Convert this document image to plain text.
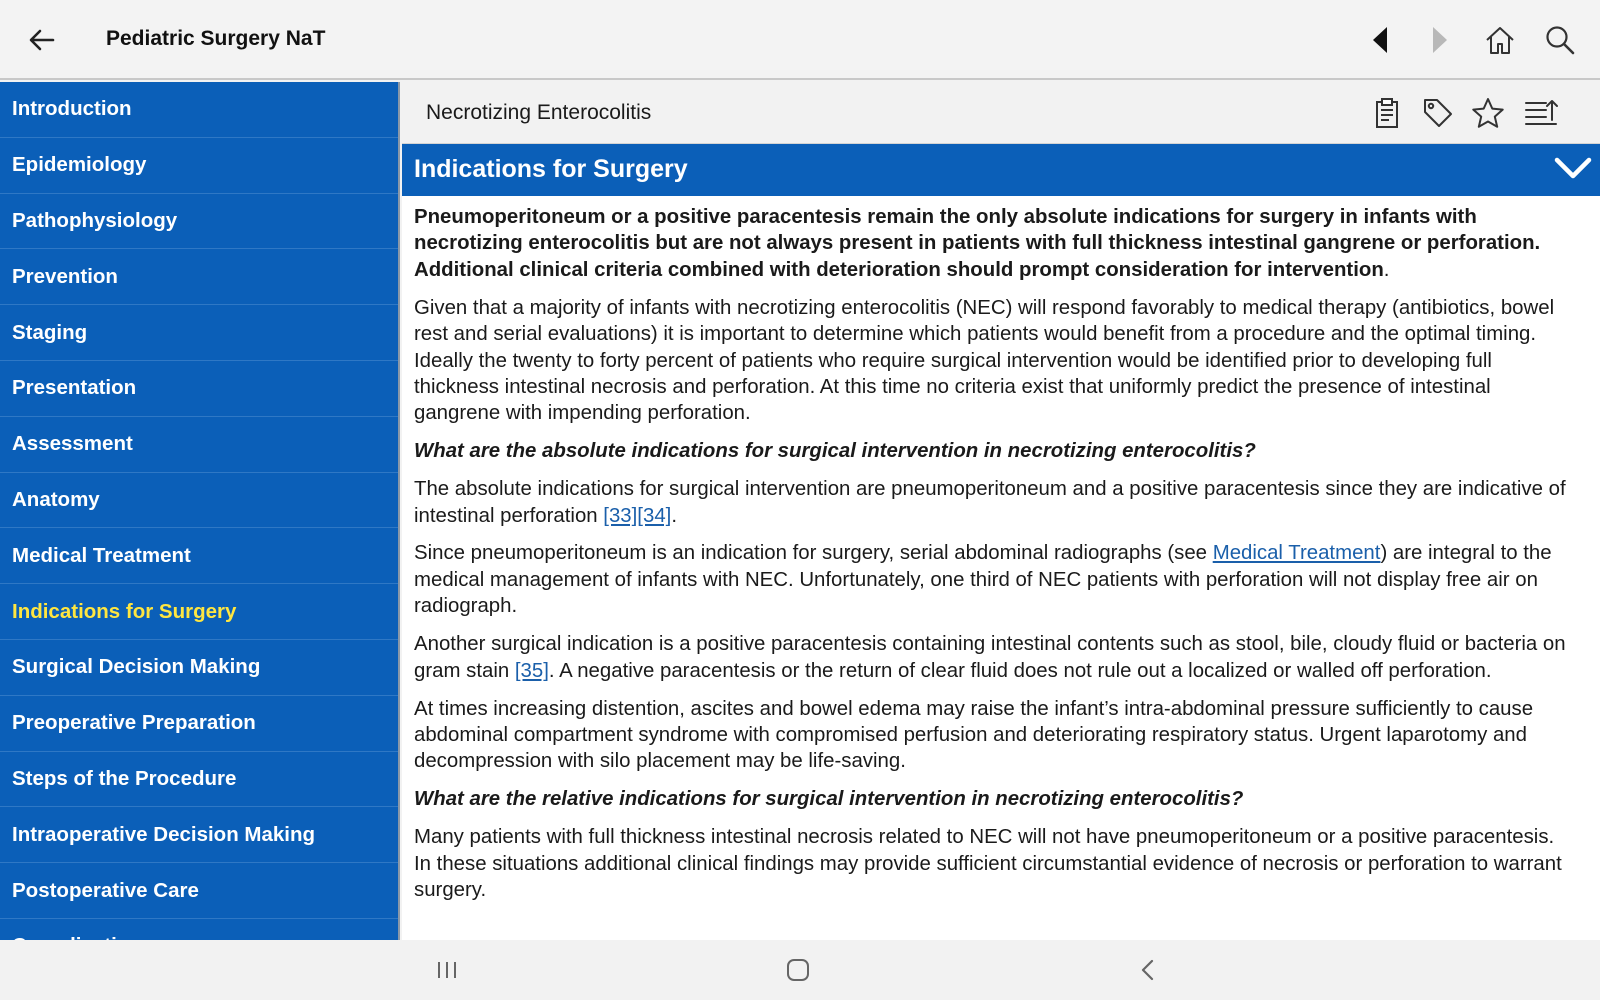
Pediatric Surgery NaT
Introduction
Epidemiology
Pathophysiology
Prevention
Staging
Presentation
Assessment
Anatomy
Medical Treatment
Indications for Surgery
Surgical Decision Making
Preoperative Preparation
Steps of the Procedure
Intraoperative Decision Making
Postoperative Care
Necrotizing Enterocolitis
Indications for Surgery

Pneumoperitoneum or a positive paracentesis remain the only absolute indications for surgery in infants with necrotizing enterocolitis but are not always present in patients with full thickness intestinal gangrene or perforation. Additional clinical criteria combined with deterioration should prompt consideration for intervention.

Given that a majority of infants with necrotizing enterocolitis (NEC) will respond favorably to medical therapy (antibiotics, bowel rest and serial evaluations) it is important to determine which patients would benefit from a procedure and the optimal timing. Ideally the twenty to forty percent of patients who require surgical intervention would be identified prior to developing full thickness intestinal necrosis and perforation. At this time no criteria exist that uniformly predict the presence of intestinal gangrene with impending perforation.

What are the absolute indications for surgical intervention in necrotizing enterocolitis?

The absolute indications for surgical intervention are pneumoperitoneum and a positive paracentesis since they are indicative of intestinal perforation [33][34].

Since pneumoperitoneum is an indication for surgery, serial abdominal radiographs (see Medical Treatment) are integral to the medical management of infants with NEC. Unfortunately, one third of NEC patients with perforation will not display free air on radiograph.

Another surgical indication is a positive paracentesis containing intestinal contents such as stool, bile, cloudy fluid or bacteria on gram stain [35]. A negative paracentesis or the return of clear fluid does not rule out a localized or walled off perforation.

At times increasing distention, ascites and bowel edema may raise the infant’s intra-abdominal pressure sufficiently to cause abdominal compartment syndrome with compromised perfusion and deteriorating respiratory status. Urgent laparotomy and decompression with silo placement may be life-saving.

What are the relative indications for surgical intervention in necrotizing enterocolitis?

Many patients with full thickness intestinal necrosis related to NEC will not have pneumoperitoneum or a positive paracentesis. In these situations additional clinical findings may provide sufficient circumstantial evidence of necrosis or perforation to warrant surgery.
